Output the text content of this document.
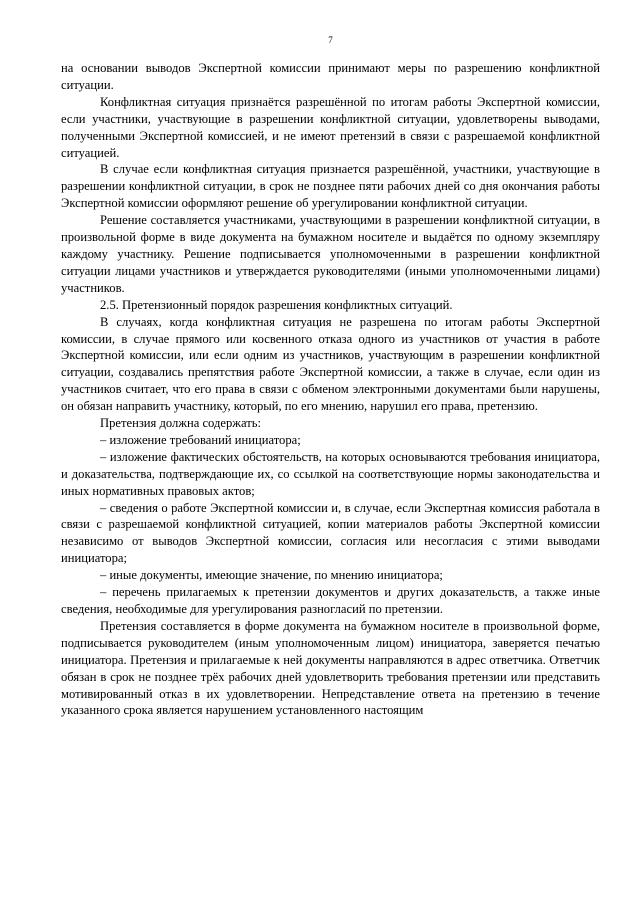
7

на основании выводов Экспертной комиссии принимают меры по разрешению конфликтной ситуации.

Конфликтная ситуация признаётся разрешённой по итогам работы Экспертной комиссии, если участники, участвующие в разрешении конфликтной ситуации, удовлетворены выводами, полученными Экспертной комиссией, и не имеют претензий в связи с разрешаемой конфликтной ситуацией.

В случае если конфликтная ситуация признается разрешённой, участники, участвующие в разрешении конфликтной ситуации, в срок не позднее пяти рабочих дней со дня окончания работы Экспертной комиссии оформляют решение об урегулировании конфликтной ситуации.

Решение составляется участниками, участвующими в разрешении конфликтной ситуации, в произвольной форме в виде документа на бумажном носителе и выдаётся по одному экземпляру каждому участнику. Решение подписывается уполномоченными в разрешении конфликтной ситуации лицами участников и утверждается руководителями (иными уполномоченными лицами) участников.

2.5. Претензионный порядок разрешения конфликтных ситуаций.

В случаях, когда конфликтная ситуация не разрешена по итогам работы Экспертной комиссии, в случае прямого или косвенного отказа одного из участников от участия в работе Экспертной комиссии, или если одним из участников, участвующим в разрешении конфликтной ситуации, создавались препятствия работе Экспертной комиссии, а также в случае, если один из участников считает, что его права в связи с обменом электронными документами были нарушены, он обязан направить участнику, который, по его мнению, нарушил его права, претензию.

Претензия должна содержать:

– изложение требований инициатора;

– изложение фактических обстоятельств, на которых основываются требования инициатора, и доказательства, подтверждающие их, со ссылкой на соответствующие нормы законодательства и иных нормативных правовых актов;

– сведения о работе Экспертной комиссии и, в случае, если Экспертная комиссия работала в связи с разрешаемой конфликтной ситуацией, копии материалов работы Экспертной комиссии независимо от выводов Экспертной комиссии, согласия или несогласия с этими выводами инициатора;

– иные документы, имеющие значение, по мнению инициатора;

– перечень прилагаемых к претензии документов и других доказательств, а также иные сведения, необходимые для урегулирования разногласий по претензии.

Претензия составляется в форме документа на бумажном носителе в произвольной форме, подписывается руководителем (иным уполномоченным лицом) инициатора, заверяется печатью инициатора. Претензия и прилагаемые к ней документы направляются в адрес ответчика. Ответчик обязан в срок не позднее трёх рабочих дней удовлетворить требования претензии или представить мотивированный отказ в их удовлетворении. Непредставление ответа на претензию в течение указанного срока является нарушением установленного настоящим
